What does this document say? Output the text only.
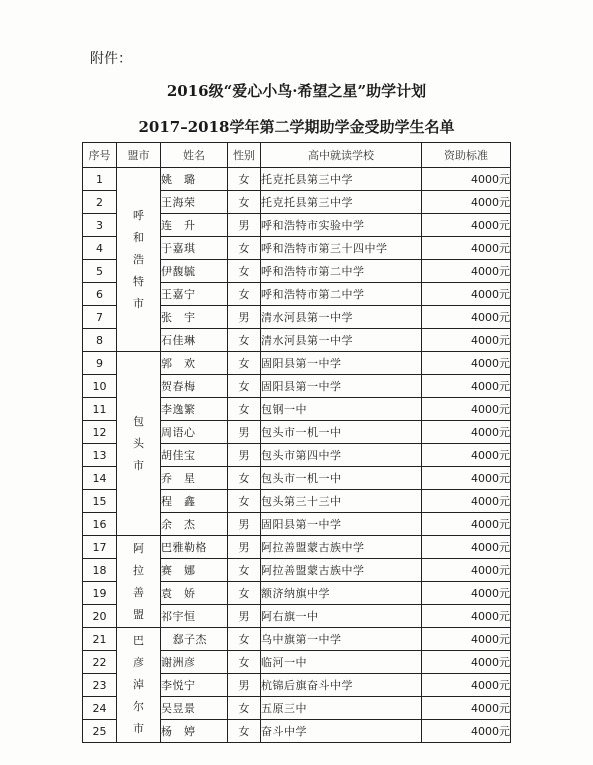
附件：
2016级“爱心小鸟·希望之星”助学计划
2017–2018学年第二学期助学金受助学生名单
序号	盟市	姓名	性别	高中就读学校	资助标准
1	呼和浩特市	姚　璐	女	托克托县第三中学	4000元
2		王海荣	女	托克托县第三中学	4000元
3		连　升	男	呼和浩特市实验中学	4000元
4		于嘉琪	女	呼和浩特市第三十四中学	4000元
5		伊馥毓	女	呼和浩特市第二中学	4000元
6		王嘉宁	女	呼和浩特市第二中学	4000元
7		张　宇	男	清水河县第一中学	4000元
8		石佳琳	女	清水河县第一中学	4000元
9	包头市	郭　欢	女	固阳县第一中学	4000元
10		贺春梅	女	固阳县第一中学	4000元
11		李逸繁	女	包钢一中	4000元
12		周语心	男	包头市一机一中	4000元
13		胡佳宝	男	包头市第四中学	4000元
14		乔　星	女	包头市一机一中	4000元
15		程　鑫	女	包头第三十三中	4000元
16		余　杰	男	固阳县第一中学	4000元
17	阿拉善盟	巴雅勒格	男	阿拉善盟蒙古族中学	4000元
18		赛　娜	女	阿拉善盟蒙古族中学	4000元
19		袁　娇	女	额济纳旗中学	4000元
20		祁宇恒	男	阿右旗一中	4000元
21	巴彦淖尔市	　郄子杰	女	乌中旗第一中学	4000元
22		谢洲彦	女	临河一中	4000元
23		李悦宁	男	杭锦后旗奋斗中学	4000元
24		吴昱景	女	五原三中	4000元
25		杨　婷	女	奋斗中学	4000元
